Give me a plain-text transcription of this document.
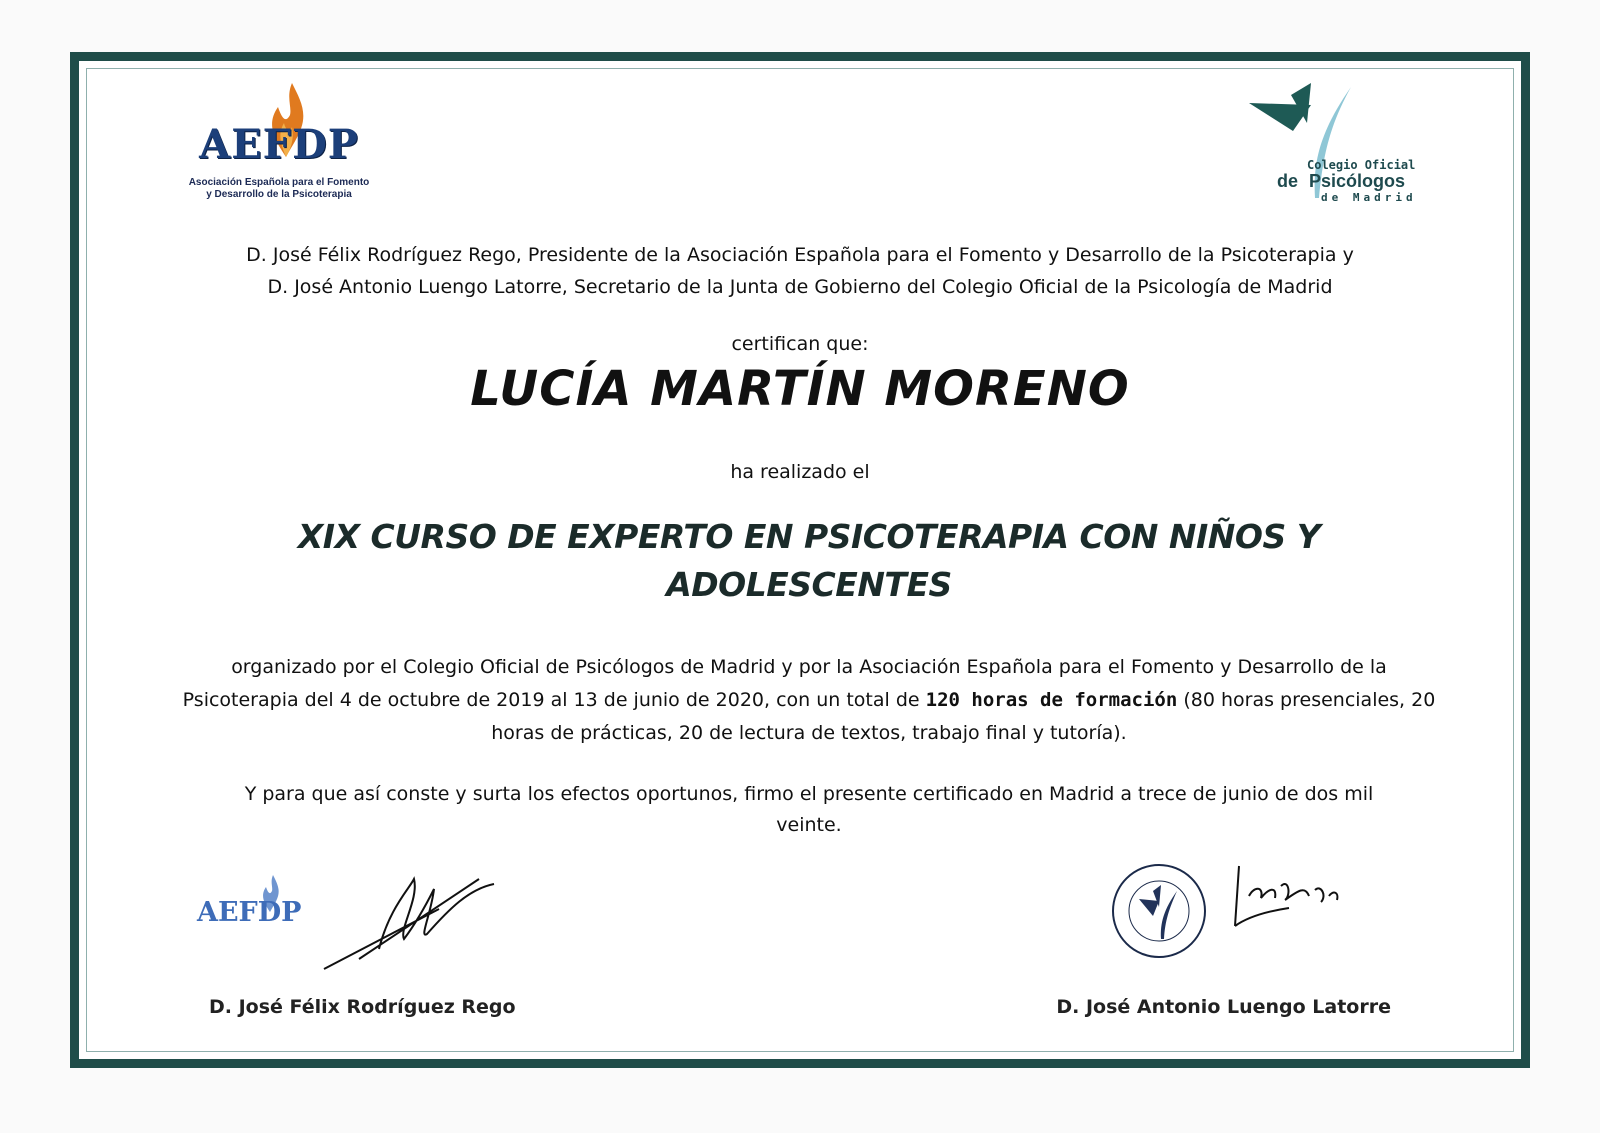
AEFDP
Asociación Española para el Fomento
y Desarrollo de la Psicoterapia
Colegio Oficial
de Psicólogos
de Madrid
D. José Félix Rodríguez Rego, Presidente de la Asociación Española para el Fomento y Desarrollo de la Psicoterapia y
D. José Antonio Luengo Latorre, Secretario de la Junta de Gobierno del Colegio Oficial de la Psicología de Madrid
certifican que:
LUCÍA MARTÍN MORENO
ha realizado el
XIX CURSO DE EXPERTO EN PSICOTERAPIA CON NIÑOS Y
ADOLESCENTES
organizado por el Colegio Oficial de Psicólogos de Madrid y por la Asociación Española para el Fomento y Desarrollo de la Psicoterapia del 4 de octubre de 2019 al 13 de junio de 2020, con un total de 120 horas de formación (80 horas presenciales, 20 horas de prácticas, 20 de lectura de textos, trabajo final y tutoría).
Y para que así conste y surta los efectos oportunos, firmo el presente certificado en Madrid a trece de junio de dos mil veinte.
AEFDP
D. José Félix Rodríguez Rego	D. José Antonio Luengo Latorre
